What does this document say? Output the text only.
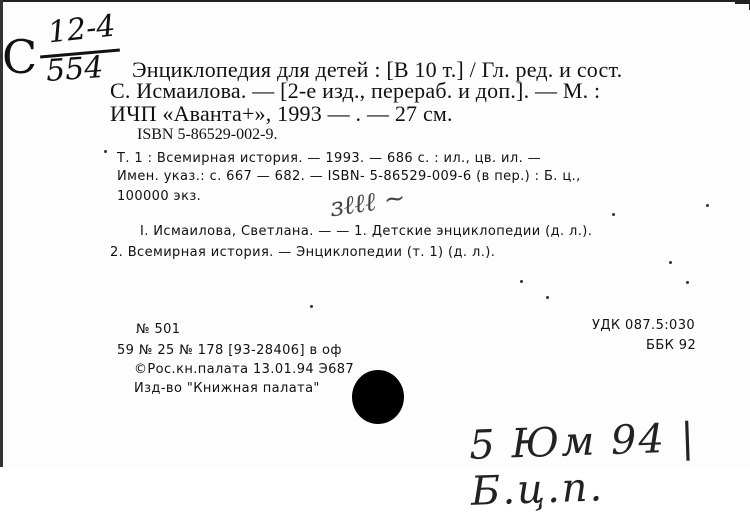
С
12-4
554 Энциклопедия для детей : [В 10 т.] / Гл. ред. и сост.
С. Исмаилова. — [2-е изд., перераб. и доп.]. — М. :
ИЧП «Аванта+», 1993 — . — 27 см.
ISBN 5-86529-002-9.
Т. 1 : Всемирная история. — 1993. — 686 с. : ил., цв. ил. —
Имен. указ.: с. 667 — 682. — ISBN- 5-86529-009-6 (в пер.) : Б. ц.,
100000 экз.	ɜℓℓℓ ~
I. Исмаилова, Светлана. — — 1. Детские энциклопедии (д. л.).
2. Всемирная история. — Энциклопедии (т. 1) (д. л.).
№ 501
59 № 25 № 178 [93-28406] в оф
©Рос.кн.палата 13.01.94 Э687
Изд-во "Книжная палата"
УДК 087.5:030
ББК 92
5 Юм 94 | Б.ц.п.
